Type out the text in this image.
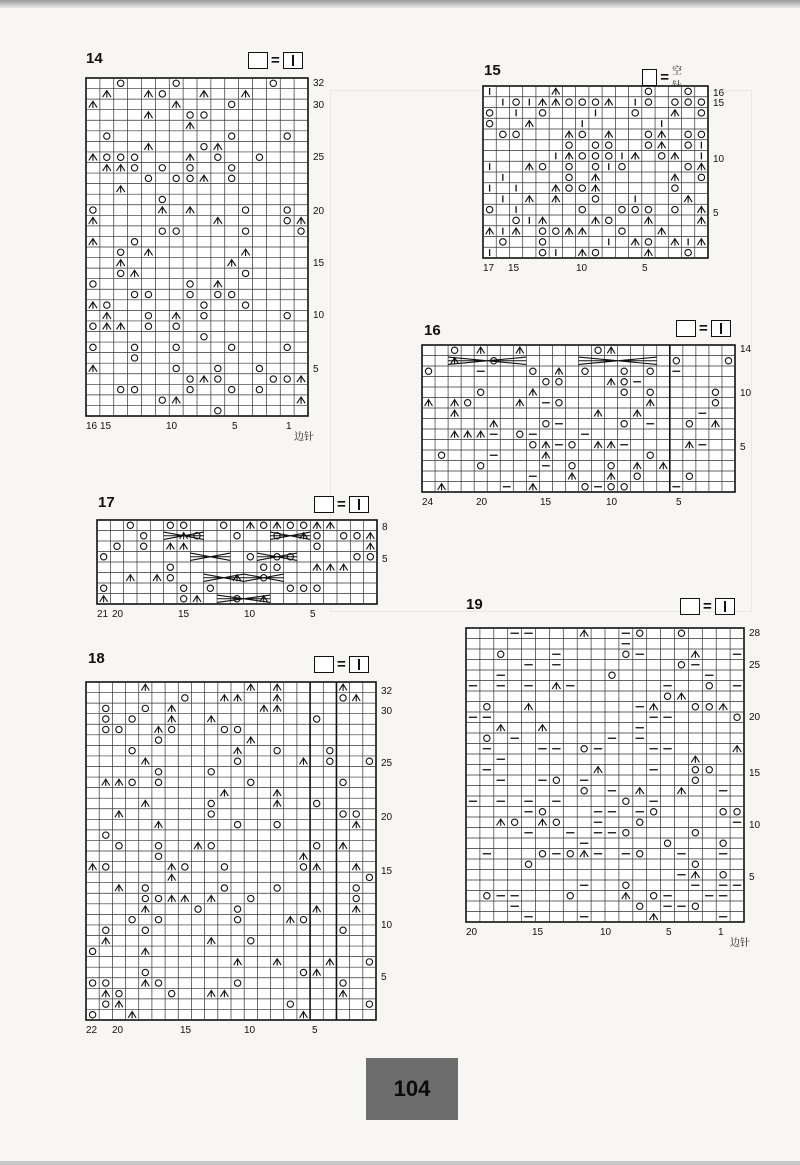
14	=
15	= 空
16	=
17	=
18	=
19	=
32
30
25
20
15
10
5
16 15	10	5	1
边针
16
15
10
5
17 15	10	5
14
10
5
24	20	15	10	5
8
5
21 20	15	10	5
32
30
25
20
15
10
5
22 20	15	10	5
28
25
20
15
10
5
20	15	10	5	1
边针
104
